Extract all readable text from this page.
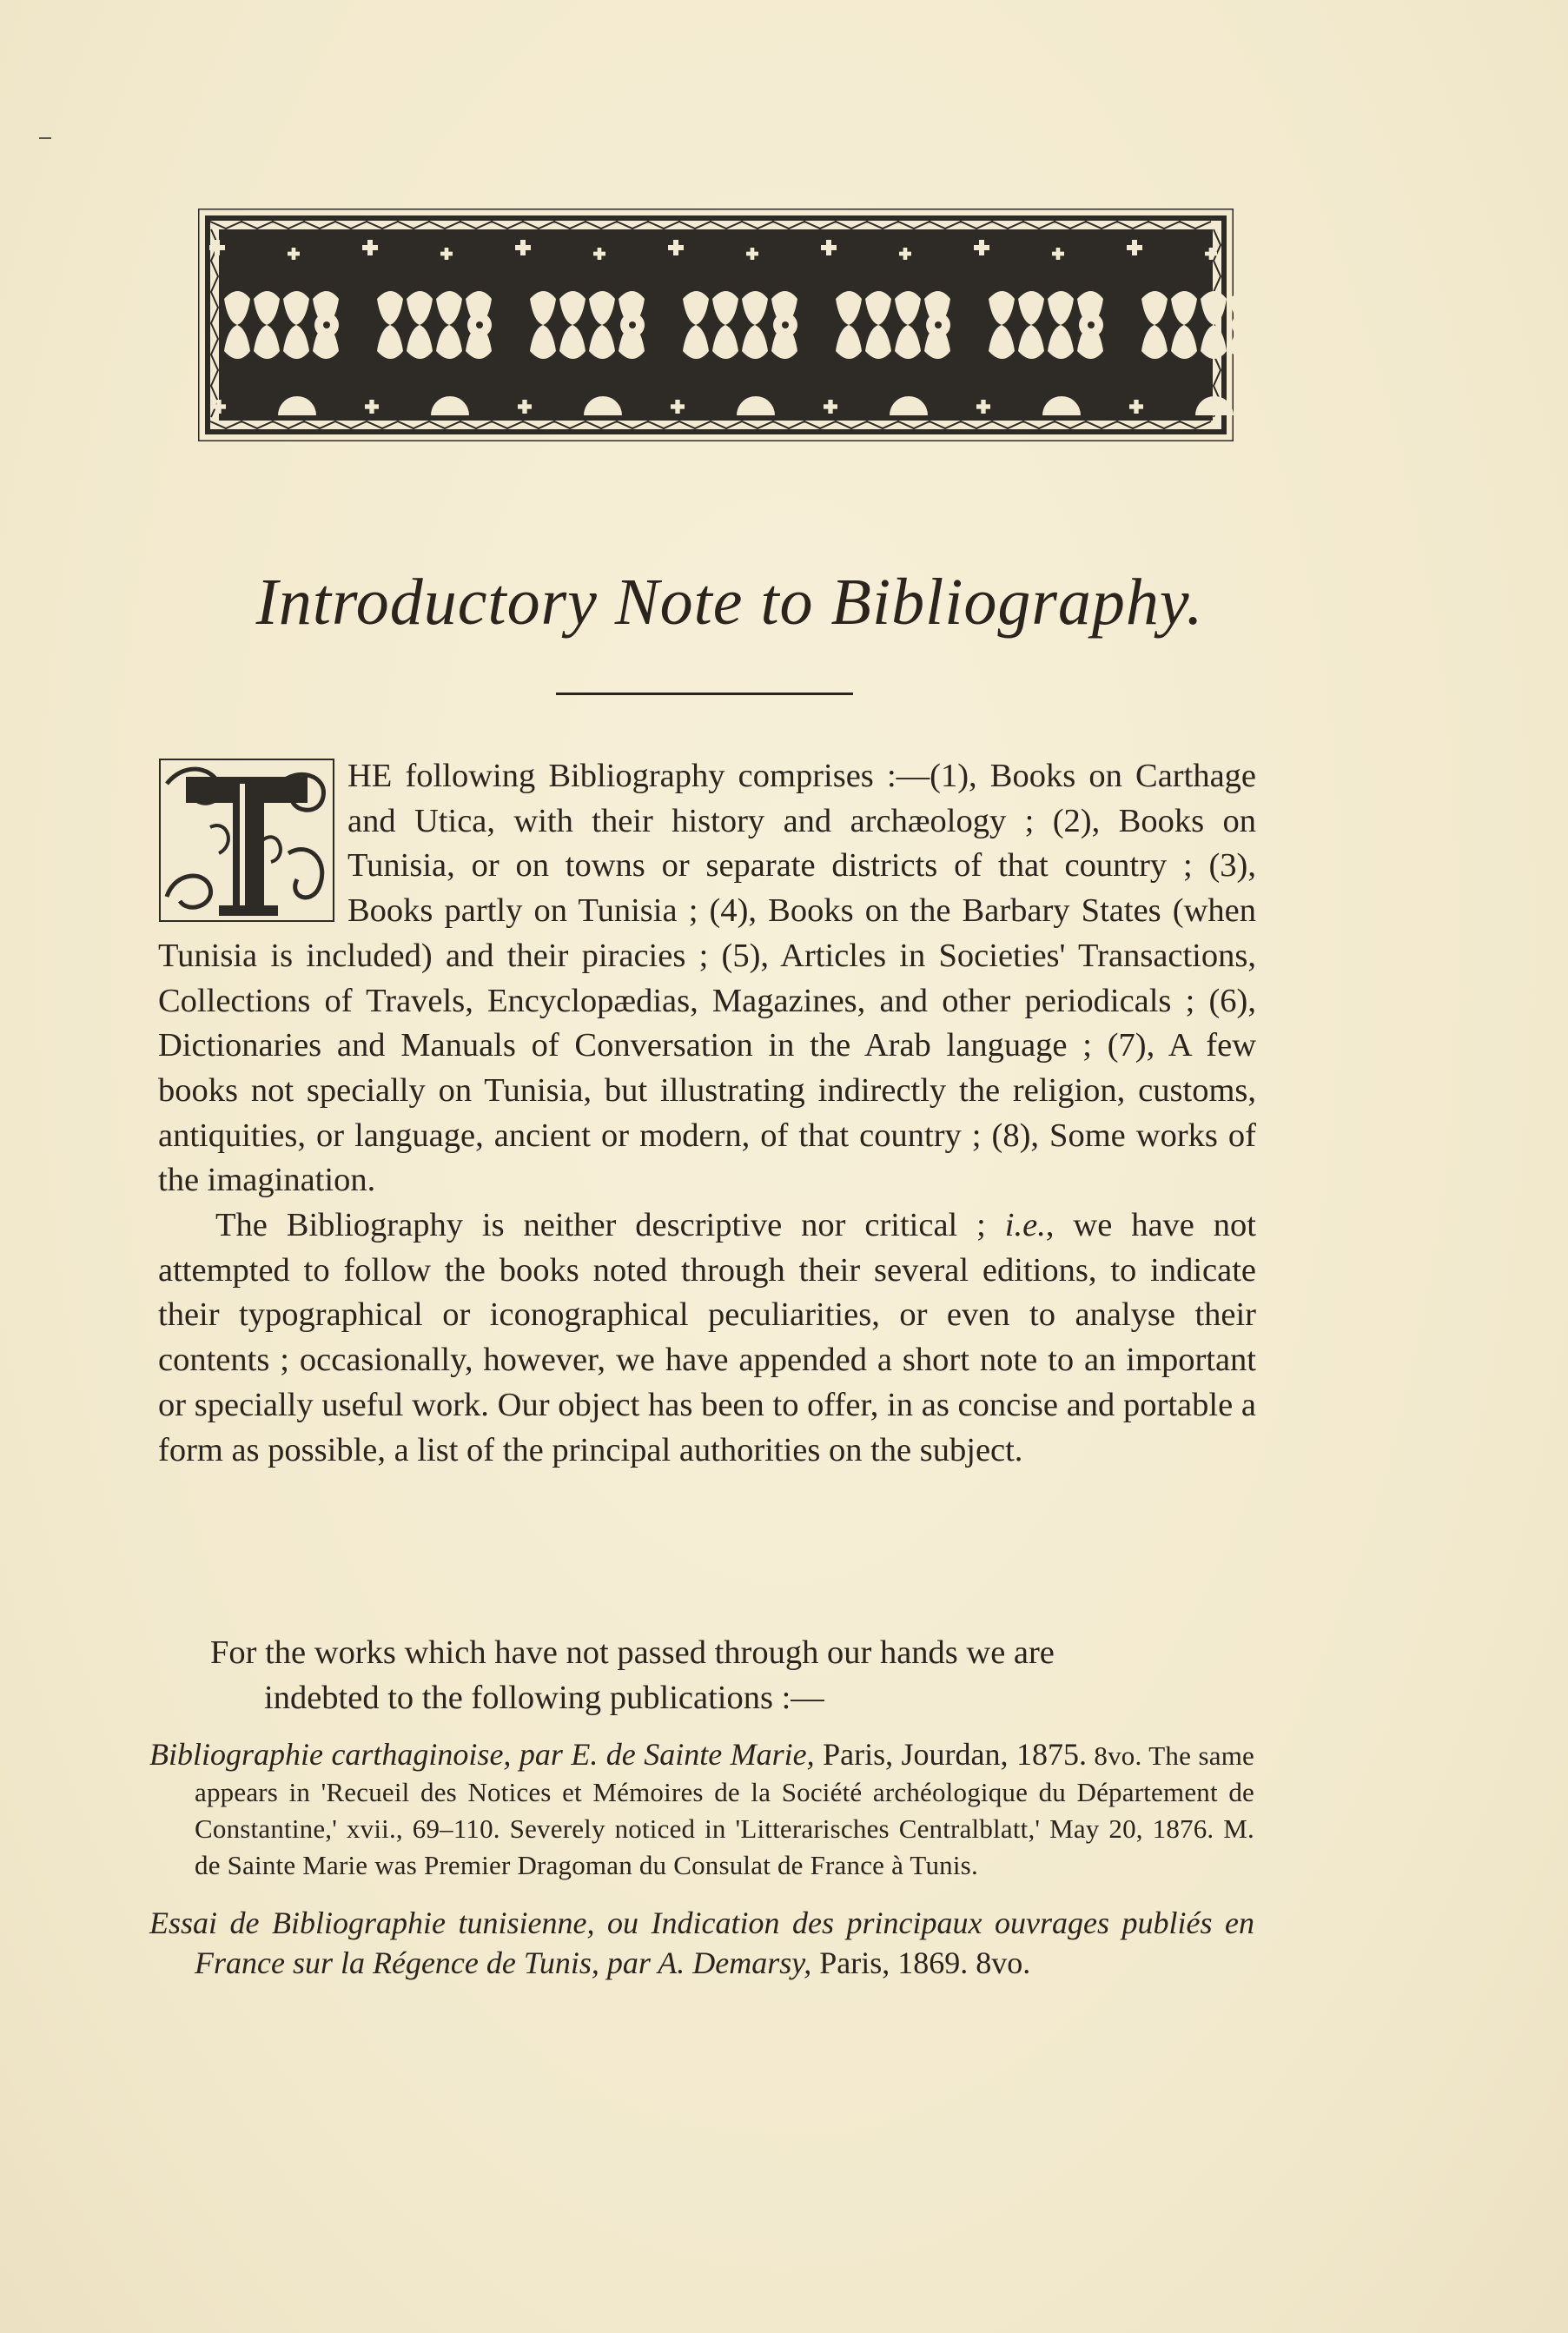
Introductory Note to Bibliography.

HE following Bibliography comprises :—(1), Books on Carthage and Utica, with their history and archæology ; (2), Books on Tunisia, or on towns or separate districts of that country ; (3), Books partly on Tunisia ; (4), Books on the Barbary States (when Tunisia is included) and their piracies ; (5), Articles in Societies' Transactions, Collections of Travels, Encyclopædias, Magazines, and other periodicals ; (6), Dictionaries and Manuals of Conversation in the Arab language ; (7), A few books not specially on Tunisia, but illustrating indirectly the religion, customs, antiquities, or language, ancient or modern, of that country ; (8), Some works of the imagination.

The Bibliography is neither descriptive nor critical ; i.e., we have not attempted to follow the books noted through their several editions, to indicate their typographical or iconographical peculiarities, or even to analyse their contents ; occasionally, however, we have appended a short note to an important or specially useful work. Our object has been to offer, in as concise and portable a form as possible, a list of the principal authorities on the subject.

For the works which have not passed through our hands we are

indebted to the following publications :—

Bibliographie carthaginoise, par E. de Sainte Marie, Paris, Jourdan, 1875. 8vo. The same appears in 'Recueil des Notices et Mémoires de la Société archéologique du Département de Constantine,' xvii., 69–110. Severely noticed in 'Litterarisches Centralblatt,' May 20, 1876. M. de Sainte Marie was Premier Dragoman du Consulat de France à Tunis.

Essai de Bibliographie tunisienne, ou Indication des principaux ouvrages publiés en France sur la Régence de Tunis, par A. Demarsy, Paris, 1869. 8vo.
